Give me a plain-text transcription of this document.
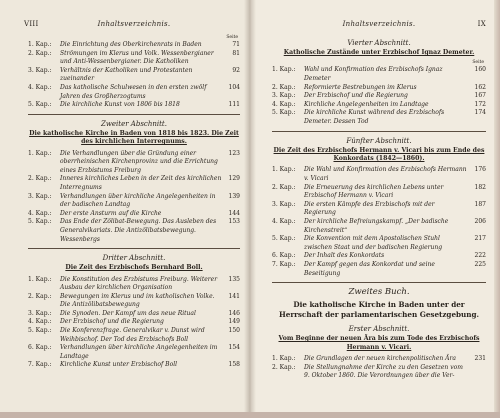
VIII	Inhaltsverzeichnis.
Seite
1. Kap.:	Die Einrichtung des Oberkirchenrats in Baden	71
2. Kap.:	Strömungen im Klerus und Volk. Wessenbergianer und Anti-Wessenbergianer. Die Katholiken
81
3. Kap.:	Verhältnis der Katholiken und Protestanten zueinander
92
4. Kap.:	Das katholische Schulwesen in den ersten zwölf Jahren des Großherzogtums
104
5. Kap.:	Die kirchliche Kunst von 1806 bis 1818	111
Zweiter Abschnitt.
Die katholische Kirche in Baden von 1818 bis 1823. Die Zeit des kirchlichen Interregnums.
1. Kap.:	Die Verhandlungen über die Gründung einer oberrheinischen Kirchenprovinz und die Errichtung eines Erzbistums Freiburg
123
2. Kap.:	Inneres kirchliches Leben in der Zeit des kirchlichen Interregnums
129
3. Kap.:	Verhandlungen über kirchliche Angelegenheiten in der badischen Landtag
139
4. Kap.:	Der erste Ansturm auf die Kirche	144
5. Kap.:	Das Ende der Zölibat-Bewegung. Das Ausleben des Generalvikariats. Die Antizölibatsbewegung. Wessenbergs
153
Dritter Abschnitt.
Die Zeit des Erzbischofs Bernhard Boll.
1. Kap.:	Die Konstitution des Erzbistums Freiburg. Weiterer Ausbau der kirchlichen Organisation
135
2. Kap.:	Bewegungen im Klerus und im katholischen Volke. Die Antizölibatsbewegung
141
3. Kap.:	Die Synoden. Der Kampf um das neue Ritual	146
4. Kap.:	Der Erzbischof und die Regierung	149
5. Kap.:	Die Konferenzfrage. Generalvikar v. Dunst wird Weihbischof. Der Tod des Erzbischofs Boll
150
6. Kap.:	Verhandlungen über kirchliche Angelegenheiten im Landtage
154
7. Kap.:	Kirchliche Kunst unter Erzbischof Boll	158
Inhaltsverzeichnis.	IX
Vierter Abschnitt.
Katholische Zustände unter Erzbischof Ignaz Demeter.
Seite
1. Kap.:	Wahl und Konfirmation des Erzbischofs Ignaz Demeter
160
2. Kap.:	Reformierte Bestrebungen im Klerus	162
3. Kap.:	Der Erzbischof und die Regierung	167
4. Kap.:	Kirchliche Angelegenheiten im Landtage	172
5. Kap.:	Die kirchliche Kunst während des Erzbischofs Demeter. Dessen Tod
174
Fünfter Abschnitt.
Die Zeit des Erzbischofs Hermann v. Vicari bis zum Ende des Konkordats (1842—1860).
1. Kap.:	Die Wahl und Konfirmation des Erzbischofs Hermann v. Vicari
176
2. Kap.:	Die Erneuerung des kirchlichen Lebens unter Erzbischof Hermann v. Vicari
182
3. Kap.:	Die ersten Kämpfe des Erzbischofs mit der Regierung
187
4. Kap.:	Der kirchliche Befreiungskampf. „Der badische Kirchenstreit“
206
5. Kap.:	Die Konvention mit dem Apostolischen Stuhl zwischen Staat und der badischen Regierung
217
6. Kap.:	Der Inhalt des Konkordats	222
7. Kap.:	Der Kampf gegen das Konkordat und seine Beseitigung
225
Zweites Buch.
Die katholische Kirche in Baden unter der Herrschaft der parlamentarischen Gesetzgebung.
Erster Abschnitt.
Vom Beginne der neuen Ära bis zum Tode des Erzbischofs Hermann v. Vicari.
1. Kap.:	Die Grundlagen der neuen kirchenpolitischen Ära	231
2. Kap.:	Die Stellungnahme der Kirche zu den Gesetzen vom 9. Oktober 1860. Die Verordnungen über die Ver-
